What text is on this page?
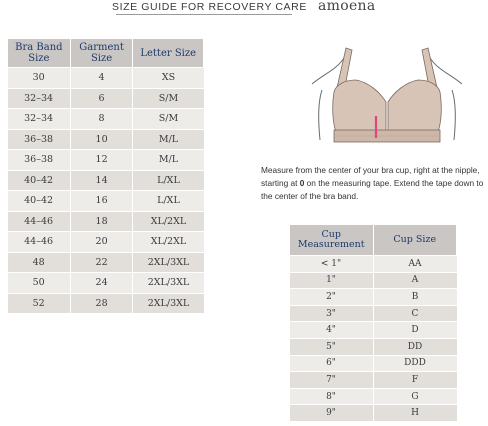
SIZE GUIDE FOR RECOVERY CARE amoena
Bra Band Size	Garment Size	Letter Size
30	4	XS
32–34	6	S/M
32–34	8	S/M
36–38	10	M/L
36–38	12	M/L
40–42	14	L/XL
40–42	16	L/XL
44–46	18	XL/2XL
44–46	20	XL/2XL
48	22	2XL/3XL
50	24	2XL/3XL
52	28	2XL/3XL
Measure from the center of your bra cup, right at the nipple, starting at 0 on the measuring tape. Extend the tape down to the center of the bra band.
Cup Measurement	Cup Size
< 1"	AA
1"	A
2"	B
3"	C
4"	D
5"	DD
6"	DDD
7"	F
8"	G
9"	H
